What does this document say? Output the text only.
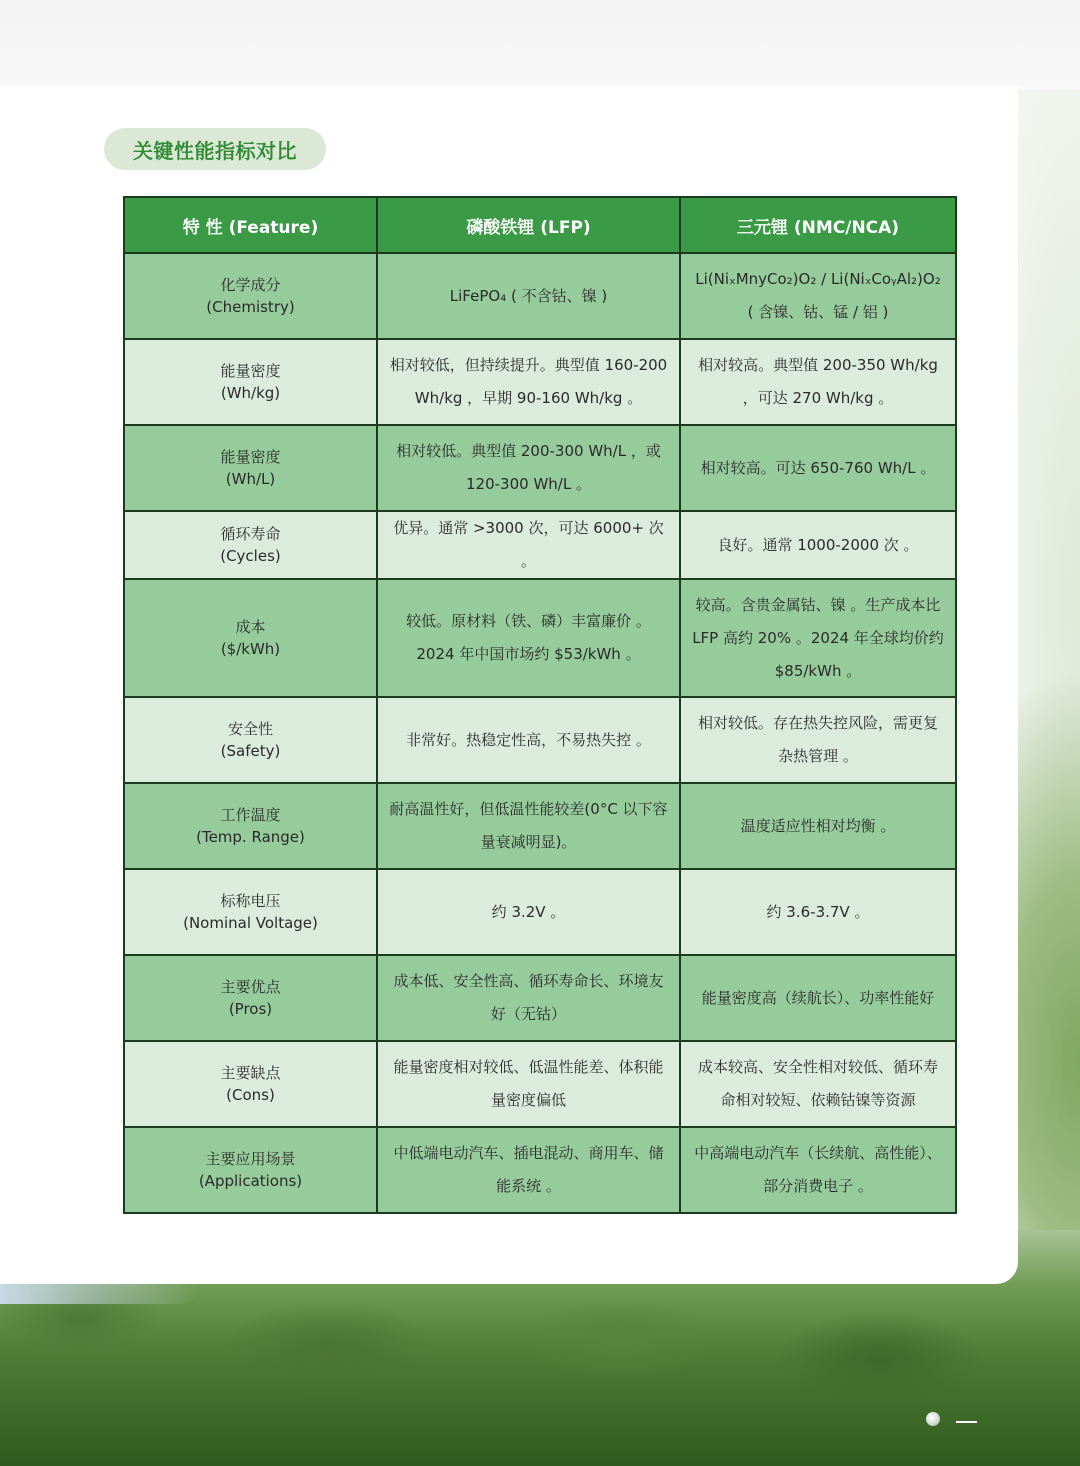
关键性能指标对比
特 性 (Feature)	磷酸铁锂 (LFP)	三元锂 (NMC/NCA)

化学成分
(Chemistry)	LiFePO₄ ( 不含钴、镍 )	Li(NiₓMnyCo₂)O₂ / Li(NiₓCoᵧAl₂)O₂ ( 含镍、钴、锰 / 铝 )

能量密度
(Wh/kg)	相对较低，但持续提升。典型值 160-200 Wh/kg ，早期 90-160 Wh/kg 。	相对较高。典型值 200-350 Wh/kg ，可达 270 Wh/kg 。

能量密度
(Wh/L)	相对较低。典型值 200-300 Wh/L ，或 120-300 Wh/L 。	相对较高。可达 650-760 Wh/L 。

循环寿命
(Cycles)	优异。通常 >3000 次，可达 6000+ 次 。	良好。通常 1000-2000 次 。

成本
($/kWh)	较低。原材料（铁、磷）丰富廉价 。2024 年中国市场约 $53/kWh 。	较高。含贵金属钴、镍 。生产成本比 LFP 高约 20% 。2024 年全球均价约 $85/kWh 。

安全性
(Safety)	非常好。热稳定性高，不易热失控 。	相对较低。存在热失控风险，需更复杂热管理 。

工作温度
(Temp. Range)	耐高温性好，但低温性能较差(0°C 以下容量衰减明显)。	温度适应性相对均衡 。

标称电压
(Nominal Voltage)	约 3.2V 。	约 3.6-3.7V 。

主要优点
(Pros)	成本低、安全性高、循环寿命长、环境友好（无钴）	能量密度高（续航长）、功率性能好

主要缺点
(Cons)	能量密度相对较低、低温性能差、体积能量密度偏低	成本较高、安全性相对较低、循环寿命相对较短、依赖钴镍等资源

主要应用场景
(Applications)	中低端电动汽车、插电混动、商用车、储能系统 。	中高端电动汽车（长续航、高性能）、部分消费电子 。
